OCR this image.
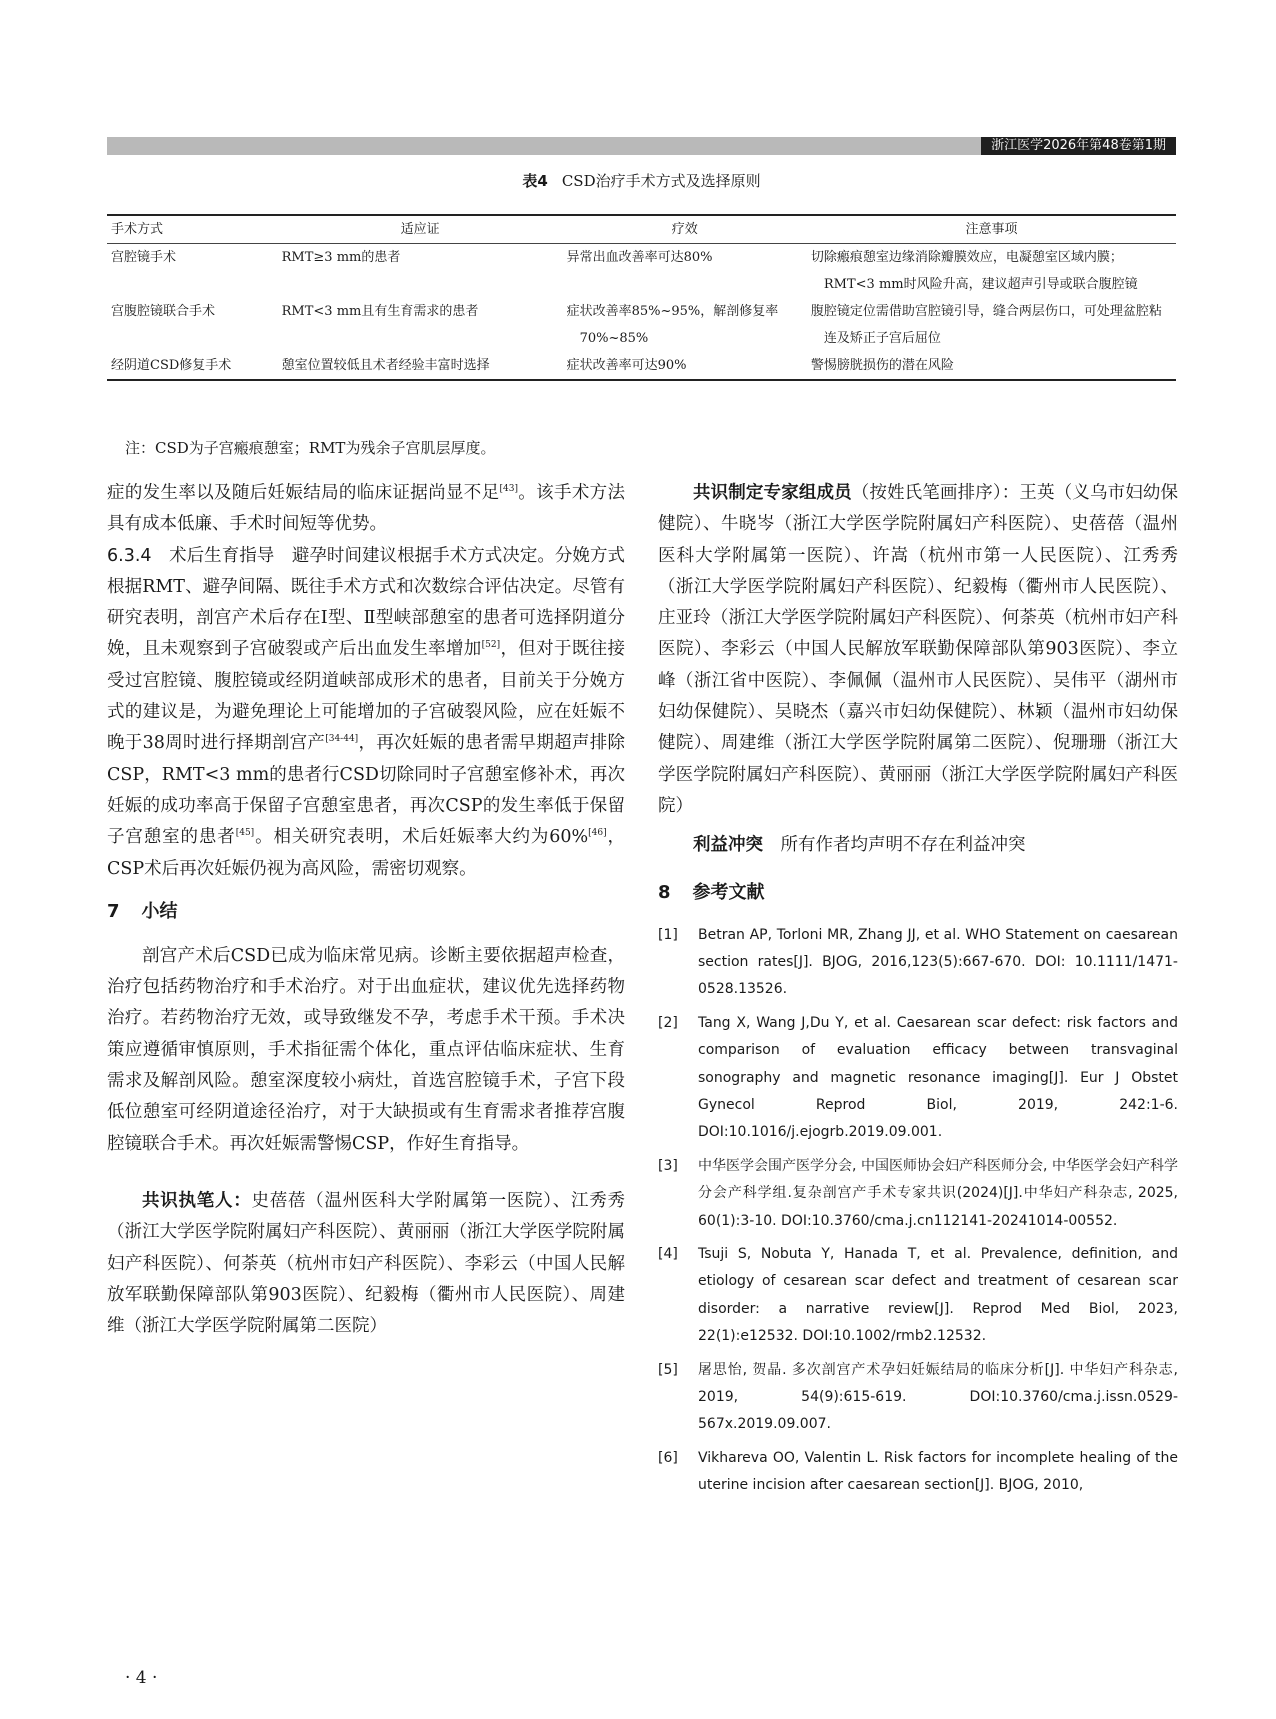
浙江医学2026年第48卷第1期
表4 CSD治疗手术方式及选择原则
手术方式	适应证	疗效	注意事项
宫腔镜手术	RMT≥3 mm的患者	异常出血改善率可达80%	切除瘢痕憩室边缘消除瓣膜效应，电凝憩室区域内膜；RMT<3 mm时风险升高，建议超声引导或联合腹腔镜

宫腹腔镜联合手术	RMT<3 mm且有生育需求的患者	症状改善率85%~95%，解剖修复率70%~85%	腹腔镜定位需借助宫腔镜引导，缝合两层伤口，可处理盆腔粘连及矫正子宫后屈位

经阴道CSD修复手术	憩室位置较低且术者经验丰富时选择	症状改善率可达90%	警惕膀胱损伤的潜在风险
注：CSD为子宫瘢痕憩室；RMT为残余子宫肌层厚度。

症的发生率以及随后妊娠结局的临床证据尚显不足[43]。该手术方法具有成本低廉、手术时间短等优势。

6.3.4　术后生育指导　避孕时间建议根据手术方式决定。分娩方式根据RMT、避孕间隔、既往手术方式和次数综合评估决定。尽管有研究表明，剖宫产术后存在Ⅰ型、Ⅱ型峡部憩室的患者可选择阴道分娩，且未观察到子宫破裂或产后出血发生率增加[52]，但对于既往接受过宫腔镜、腹腔镜或经阴道峡部成形术的患者，目前关于分娩方式的建议是，为避免理论上可能增加的子宫破裂风险，应在妊娠不晚于38周时进行择期剖宫产[34-44]，再次妊娠的患者需早期超声排除CSP，RMT<3 mm的患者行CSD切除同时子宫憩室修补术，再次妊娠的成功率高于保留子宫憩室患者，再次CSP的发生率低于保留子宫憩室的患者[45]。相关研究表明，术后妊娠率大约为60%[46]，CSP术后再次妊娠仍视为高风险，需密切观察。

7 小结

剖宫产术后CSD已成为临床常见病。诊断主要依据超声检查，治疗包括药物治疗和手术治疗。对于出血症状，建议优先选择药物治疗。若药物治疗无效，或导致继发不孕，考虑手术干预。手术决策应遵循审慎原则，手术指征需个体化，重点评估临床症状、生育需求及解剖风险。憩室深度较小病灶，首选宫腔镜手术，子宫下段低位憩室可经阴道途径治疗，对于大缺损或有生育需求者推荐宫腹腔镜联合手术。再次妊娠需警惕CSP，作好生育指导。

共识执笔人：史蓓蓓（温州医科大学附属第一医院）、江秀秀（浙江大学医学院附属妇产科医院）、黄丽丽（浙江大学医学院附属妇产科医院）、何荼英（杭州市妇产科医院）、李彩云（中国人民解放军联勤保障部队第903医院）、纪毅梅（衢州市人民医院）、周建维（浙江大学医学院附属第二医院）

共识制定专家组成员（按姓氏笔画排序）：王英（义乌市妇幼保健院）、牛晓岑（浙江大学医学院附属妇产科医院）、史蓓蓓（温州医科大学附属第一医院）、许嵩（杭州市第一人民医院）、江秀秀（浙江大学医学院附属妇产科医院）、纪毅梅（衢州市人民医院）、庄亚玲（浙江大学医学院附属妇产科医院）、何荼英（杭州市妇产科医院）、李彩云（中国人民解放军联勤保障部队第903医院）、李立峰（浙江省中医院）、李佩佩（温州市人民医院）、吴伟平（湖州市妇幼保健院）、吴晓杰（嘉兴市妇幼保健院）、林颖（温州市妇幼保健院）、周建维（浙江大学医学院附属第二医院）、倪珊珊（浙江大学医学院附属妇产科医院）、黄丽丽（浙江大学医学院附属妇产科医院）

利益冲突　所有作者均声明不存在利益冲突

8 参考文献
[1]	Betran AP, Torloni MR, Zhang JJ, et al. WHO Statement on caesarean section rates[J]. BJOG, 2016,123(5):667-670. DOI: 10.1111/1471-0528.13526.
[2]	Tang X, Wang J,Du Y, et al. Caesarean scar defect: risk factors and comparison of evaluation efficacy between transvaginal sonography and magnetic resonance imaging[J]. Eur J Obstet Gynecol Reprod Biol, 2019, 242:1-6. DOI:10.1016/j.ejogrb.2019.09.001.
[3]	中华医学会围产医学分会, 中国医师协会妇产科医师分会, 中华医学会妇产科学分会产科学组.复杂剖宫产手术专家共识(2024)[J].中华妇产科杂志, 2025, 60(1):3-10. DOI:10.3760/cma.j.cn112141-20241014-00552.
[4]	Tsuji S, Nobuta Y, Hanada T, et al. Prevalence, definition, and etiology of cesarean scar defect and treatment of cesarean scar disorder: a narrative review[J]. Reprod Med Biol, 2023, 22(1):e12532. DOI:10.1002/rmb2.12532.
[5]	屠思怡, 贺晶. 多次剖宫产术孕妇妊娠结局的临床分析[J]. 中华妇产科杂志, 2019, 54(9):615-619. DOI:10.3760/cma.j.issn.0529-567x.2019.09.007.
[6]	Vikhareva OO, Valentin L. Risk factors for incomplete healing of the uterine incision after caesarean section[J]. BJOG, 2010,
· 4 ·
